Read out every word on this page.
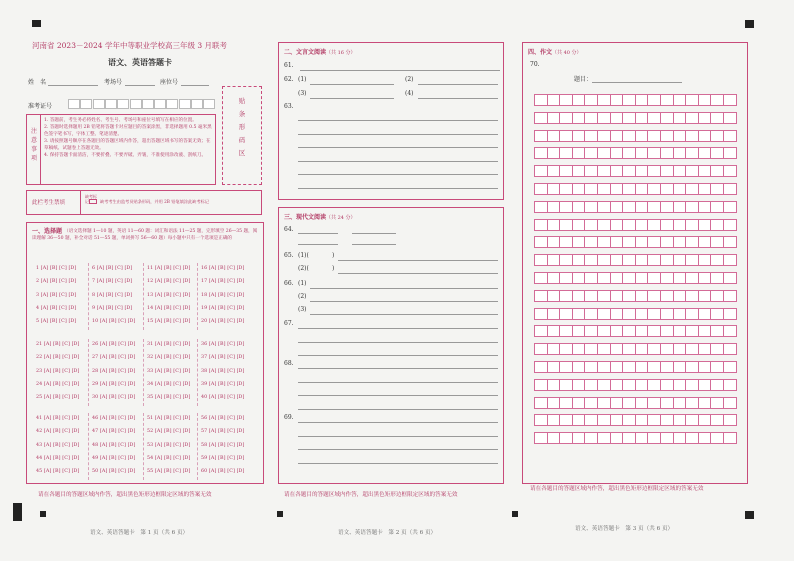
河南省 2023－2024 学年中等职业学校高三年级 3 月联考
语文、英语答题卡
姓　名	考场号	座位号
准考证号
注
意
事
项
1. 答题前，考生务必将姓名、考生号、考场号和座位号填写在相应的位置。
2. 答题时选择题用 2B 铅笔将答题卡对应题目的答案涂黑，非选择题用 0.5 毫米黑色签字笔书写，字体工整、笔迹清楚。
3. 请按照题号顺序在各题目的答题区域内作答，超出答题区域书写的答案无效；在草稿纸、试题卷上答题无效。
4. 保持答题卡面清洁，不要折叠、不要弄破、弄皱，不准使用涂改液、刮纸刀。
贴
条
形
码
区
此栏考生禁填
缺考标记	缺考考生由监考员贴条形码，并用 2B 铅笔填涂此缺考标记
一、选择题 （语文选择题 1—10 题，英语 11—60 题：词汇和语法 11—25 题，完形填空 26—35 题，阅读理解 36—50 题，补全对话 51—55 题，单词拼写 56—60 题）每小题中只有一个选项是正确的
1 [A] [B] [C] [D]	6 [A] [B] [C] [D]	11 [A] [B] [C] [D] 16 [A] [B] [C] [D]
2 [A] [B] [C] [D]	7 [A] [B] [C] [D]	12 [A] [B] [C] [D] 17 [A] [B] [C] [D]
3 [A] [B] [C] [D]	8 [A] [B] [C] [D]	13 [A] [B] [C] [D] 18 [A] [B] [C] [D]
4 [A] [B] [C] [D]	9 [A] [B] [C] [D]	14 [A] [B] [C] [D] 19 [A] [B] [C] [D]
5 [A] [B] [C] [D]	10 [A] [B] [C] [D] 15 [A] [B] [C] [D] 20 [A] [B] [C] [D]
21 [A] [B] [C] [D]	26 [A] [B] [C] [D] 31 [A] [B] [C] [D] 36 [A] [B] [C] [D]
22 [A] [B] [C] [D]	27 [A] [B] [C] [D] 32 [A] [B] [C] [D] 37 [A] [B] [C] [D]
23 [A] [B] [C] [D]	28 [A] [B] [C] [D] 33 [A] [B] [C] [D] 38 [A] [B] [C] [D]
24 [A] [B] [C] [D]	29 [A] [B] [C] [D] 34 [A] [B] [C] [D] 39 [A] [B] [C] [D]
25 [A] [B] [C] [D]	30 [A] [B] [C] [D] 35 [A] [B] [C] [D] 40 [A] [B] [C] [D]
41 [A] [B] [C] [D]	46 [A] [B] [C] [D] 51 [A] [B] [C] [D] 56 [A] [B] [C] [D]
42 [A] [B] [C] [D]	47 [A] [B] [C] [D] 52 [A] [B] [C] [D] 57 [A] [B] [C] [D]
43 [A] [B] [C] [D]	48 [A] [B] [C] [D] 53 [A] [B] [C] [D] 58 [A] [B] [C] [D]
44 [A] [B] [C] [D]	49 [A] [B] [C] [D] 54 [A] [B] [C] [D] 59 [A] [B] [C] [D]
45 [A] [B] [C] [D]	50 [A] [B] [C] [D] 55 [A] [B] [C] [D] 60 [A] [B] [C] [D]
请在各题目的答题区域内作答，超出黑色矩形边框限定区域的答案无效
语文、英语答题卡　第 1 页（共 6 页）
二、文言文阅读（共 16 分）
61.
62. (1)	(2)
(3)	(4)
63.
三、现代文阅读（共 24 分）
64.
65. (1)(	)
(2)(	)
66. (1)
(2)
(3)
67.
68.
69.
请在各题目的答题区域内作答，超出黑色矩形边框限定区域的答案无效
语文、英语答题卡　第 2 页（共 6 页）
四、作文（共 40 分）
70.
题目：
请在各题目的答题区域内作答，超出黑色矩形边框限定区域的答案无效
语文、英语答题卡　第 3 页（共 6 页）
